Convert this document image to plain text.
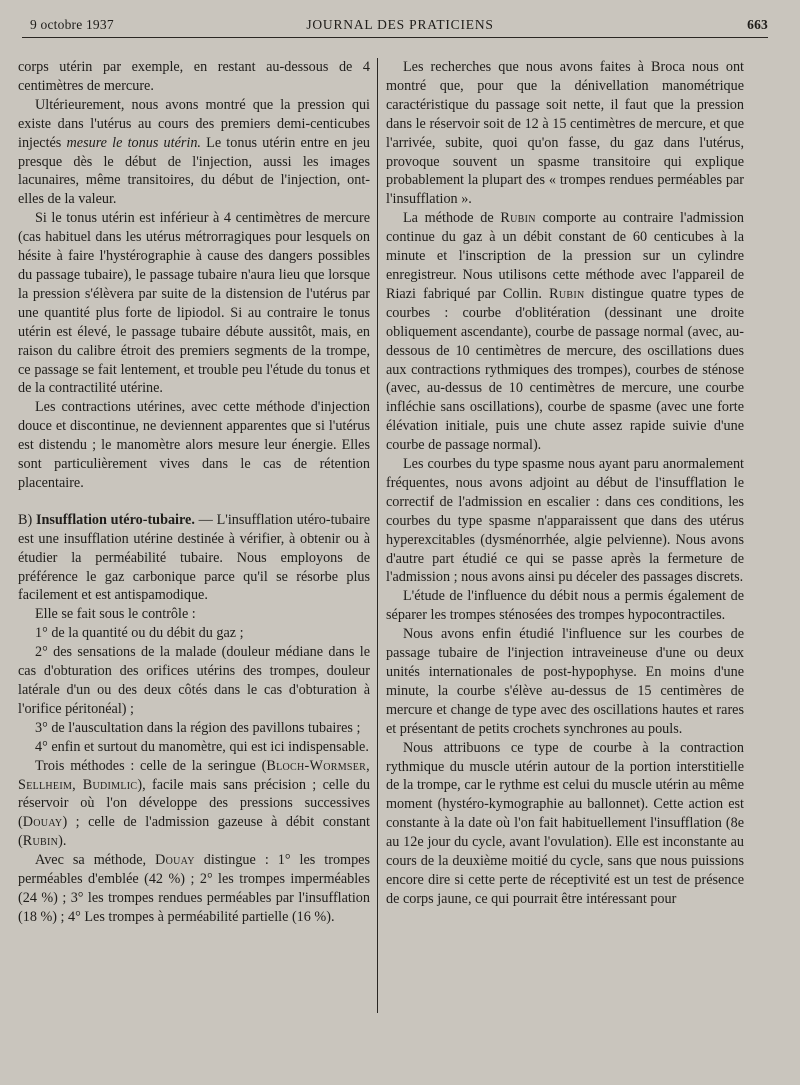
9 octobre 1937	JOURNAL DES PRATICIENS	663

corps utérin par exemple, en restant au-dessous de 4 centimètres de mercure.

Ultérieurement, nous avons montré que la pression qui existe dans l'utérus au cours des premiers demi-centicubes injectés mesure le tonus utérin. Le tonus utérin entre en jeu presque dès le début de l'injection, aussi les images lacunaires, même transitoires, du début de l'injection, ont-elles de la valeur.

Si le tonus utérin est inférieur à 4 centimètres de mercure (cas habituel dans les utérus métrorragiques pour lesquels on hésite à faire l'hystérographie à cause des dangers possibles du passage tubaire), le passage tubaire n'aura lieu que lorsque la pression s'élèvera par suite de la distension de l'utérus par une quantité plus forte de lipiodol. Si au contraire le tonus utérin est élevé, le passage tubaire débute aussitôt, mais, en raison du calibre étroit des premiers segments de la trompe, ce passage se fait lentement, et trouble peu l'étude du tonus et de la contractilité utérine.

Les contractions utérines, avec cette méthode d'injection douce et discontinue, ne deviennent apparentes que si l'utérus est distendu ; le manomètre alors mesure leur énergie. Elles sont particulièrement vives dans le cas de rétention placentaire.

B) Insufflation utéro-tubaire. — L'insufflation utéro-tubaire est une insufflation utérine destinée à vérifier, à obtenir ou à étudier la perméabilité tubaire. Nous employons de préférence le gaz carbonique parce qu'il se résorbe plus facilement et est antispamodique.

Elle se fait sous le contrôle :

1° de la quantité ou du débit du gaz ;

2° des sensations de la malade (douleur médiane dans le cas d'obturation des orifices utérins des trompes, douleur latérale d'un ou des deux côtés dans le cas d'obturation à l'orifice péritonéal) ;

3° de l'auscultation dans la région des pavillons tubaires ;

4° enfin et surtout du manomètre, qui est ici indispensable.

Trois méthodes : celle de la seringue (Bloch-Wormser, Sellheim, Budimlic), facile mais sans précision ; celle du réservoir où l'on développe des pressions successives (Douay) ; celle de l'admission gazeuse à débit constant (Rubin).

Avec sa méthode, Douay distingue : 1° les trompes perméables d'emblée (42 %) ; 2° les trompes imperméables (24 %) ; 3° les trompes rendues perméables par l'insufflation (18 %) ; 4° Les trompes à perméabilité partielle (16 %).

Les recherches que nous avons faites à Broca nous ont montré que, pour que la dénivellation manométrique caractéristique du passage soit nette, il faut que la pression dans le réservoir soit de 12 à 15 centimètres de mercure, et que l'arrivée, subite, quoi qu'on fasse, du gaz dans l'utérus, provoque souvent un spasme transitoire qui explique probablement la plupart des « trompes rendues perméables par l'insufflation ».

La méthode de Rubin comporte au contraire l'admission continue du gaz à un débit constant de 60 centicubes à la minute et l'inscription de la pression sur un cylindre enregistreur. Nous utilisons cette méthode avec l'appareil de Riazi fabriqué par Collin. Rubin distingue quatre types de courbes : courbe d'oblitération (dessinant une droite obliquement ascendante), courbe de passage normal (avec, au-dessous de 10 centimètres de mercure, des oscillations dues aux contractions rythmiques des trompes), courbes de sténose (avec, au-dessus de 10 centimètres de mercure, une courbe infléchie sans oscillations), courbe de spasme (avec une forte élévation initiale, puis une chute assez rapide suivie d'une courbe de passage normal).

Les courbes du type spasme nous ayant paru anormalement fréquentes, nous avons adjoint au début de l'insufflation le correctif de l'admission en escalier : dans ces conditions, les courbes du type spasme n'apparaissent que dans des utérus hyperexcitables (dysménorrhée, algie pelvienne). Nous avons d'autre part étudié ce qui se passe après la fermeture de l'admission ; nous avons ainsi pu déceler des passages discrets.

L'étude de l'influence du débit nous a permis également de séparer les trompes sténosées des trompes hypocontractiles.

Nous avons enfin étudié l'influence sur les courbes de passage tubaire de l'injection intraveineuse d'une ou deux unités internationales de post-hypophyse. En moins d'une minute, la courbe s'élève au-dessus de 15 centimères de mercure et change de type avec des oscillations hautes et rares et présentant de petits crochets synchrones au pouls.

Nous attribuons ce type de courbe à la contraction rythmique du muscle utérin autour de la portion interstitielle de la trompe, car le rythme est celui du muscle utérin au même moment (hystéro-kymographie au ballonnet). Cette action est constante à la date où l'on fait habituellement l'insufflation (8e au 12e jour du cycle, avant l'ovulation). Elle est inconstante au cours de la deuxième moitié du cycle, sans que nous puissions encore dire si cette perte de réceptivité est un test de présence de corps jaune, ce qui pourrait être intéressant pour
